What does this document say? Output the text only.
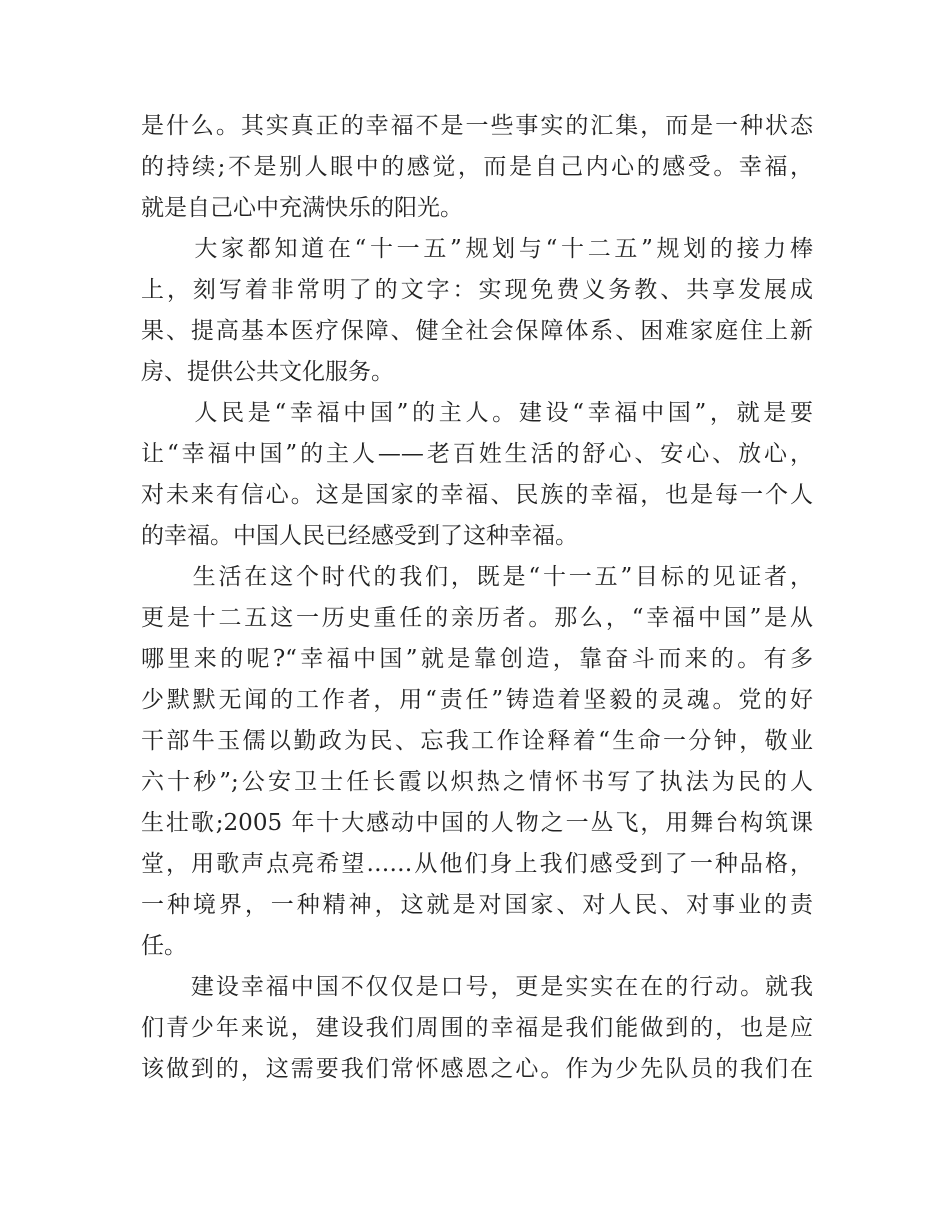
是什么。其实真正的幸福不是一些事实的汇集，而是一种状态
的持续;不是别人眼中的感觉，而是自己内心的感受。幸福，
就是自己心中充满快乐的阳光。
　　大家都知道在“十一五”规划与“十二五”规划的接力棒
上，刻写着非常明了的文字：实现免费义务教、共享发展成
果、提高基本医疗保障、健全社会保障体系、困难家庭住上新
房、提供公共文化服务。
　　人民是“幸福中国”的主人。建设“幸福中国”，就是要
让“幸福中国”的主人——老百姓生活的舒心、安心、放心，
对未来有信心。这是国家的幸福、民族的幸福，也是每一个人
的幸福。中国人民已经感受到了这种幸福。
　　生活在这个时代的我们，既是“十一五”目标的见证者，
更是十二五这一历史重任的亲历者。那么，“幸福中国”是从
哪里来的呢?“幸福中国”就是靠创造，靠奋斗而来的。有多
少默默无闻的工作者，用“责任”铸造着坚毅的灵魂。党的好
干部牛玉儒以勤政为民、忘我工作诠释着“生命一分钟，敬业
六十秒”;公安卫士任长霞以炽热之情怀书写了执法为民的人
生壮歌;2005 年十大感动中国的人物之一丛飞，用舞台构筑课
堂，用歌声点亮希望……从他们身上我们感受到了一种品格，
一种境界，一种精神，这就是对国家、对人民、对事业的责
任。
　　建设幸福中国不仅仅是口号，更是实实在在的行动。就我
们青少年来说，建设我们周围的幸福是我们能做到的，也是应
该做到的，这需要我们常怀感恩之心。作为少先队员的我们在
